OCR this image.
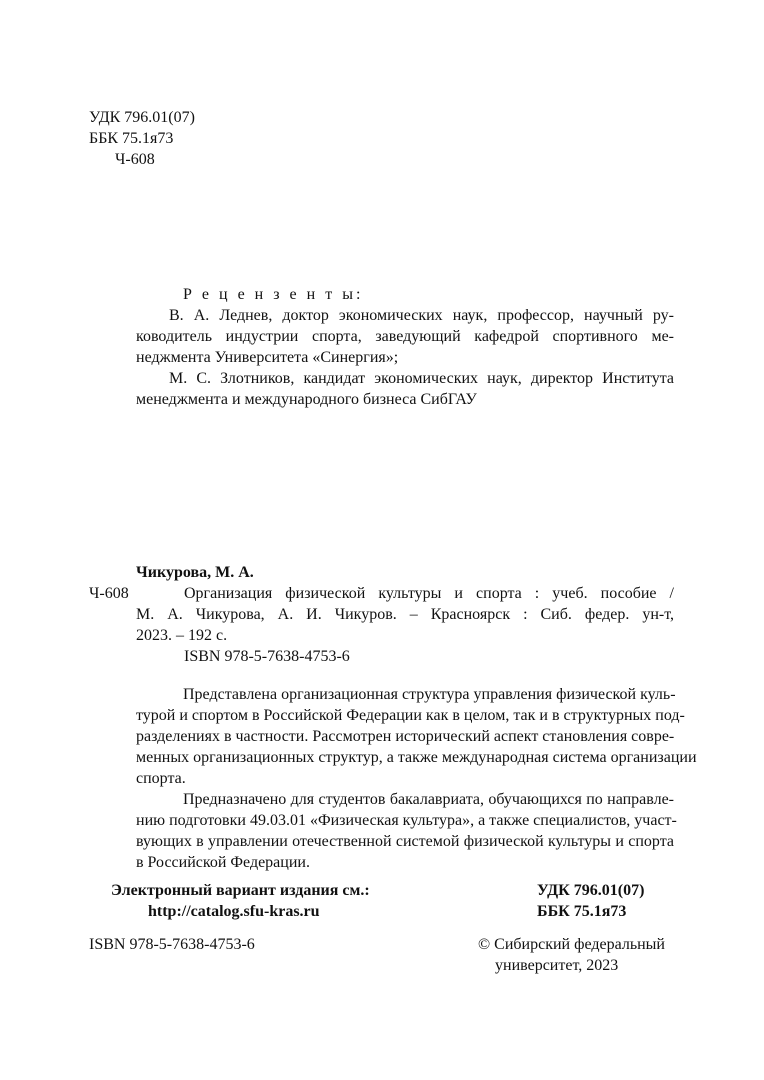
УДК 796.01(07)
ББК 75.1я73
Ч-608
Р е ц е н з е н т ы:
В. А. Леднев, доктор экономических наук, профессор, научный ру-
ководитель индустрии спорта, заведующий кафедрой спортивного ме-
неджмента Университета «Синергия»;
М. С. Злотников, кандидат экономических наук, директор Института
менеджмента и международного бизнеса СибГАУ
Чикурова, М. А.
Ч-608	Организация физической культуры и спорта : учеб. пособие /
М. А. Чикурова, А. И. Чикуров. – Красноярск : Сиб. федер. ун-т,
2023. – 192 с.
ISBN 978-5-7638-4753-6
Представлена организационная структура управления физической куль-
турой и спортом в Российской Федерации как в целом, так и в структурных под-
разделениях в частности. Рассмотрен исторический аспект становления совре-
менных организационных структур, а также международная система организации
спорта.
Предназначено для студентов бакалавриата, обучающихся по направле-
нию подготовки 49.03.01 «Физическая культура», а также специалистов, участ-
вующих в управлении отечественной системой физической культуры и спорта
в Российской Федерации.
Электронный вариант издания см.:
http://catalog.sfu-kras.ru
УДК 796.01(07)
ББК 75.1я73
ISBN 978-5-7638-4753-6	© Сибирский федеральный
университет, 2023
